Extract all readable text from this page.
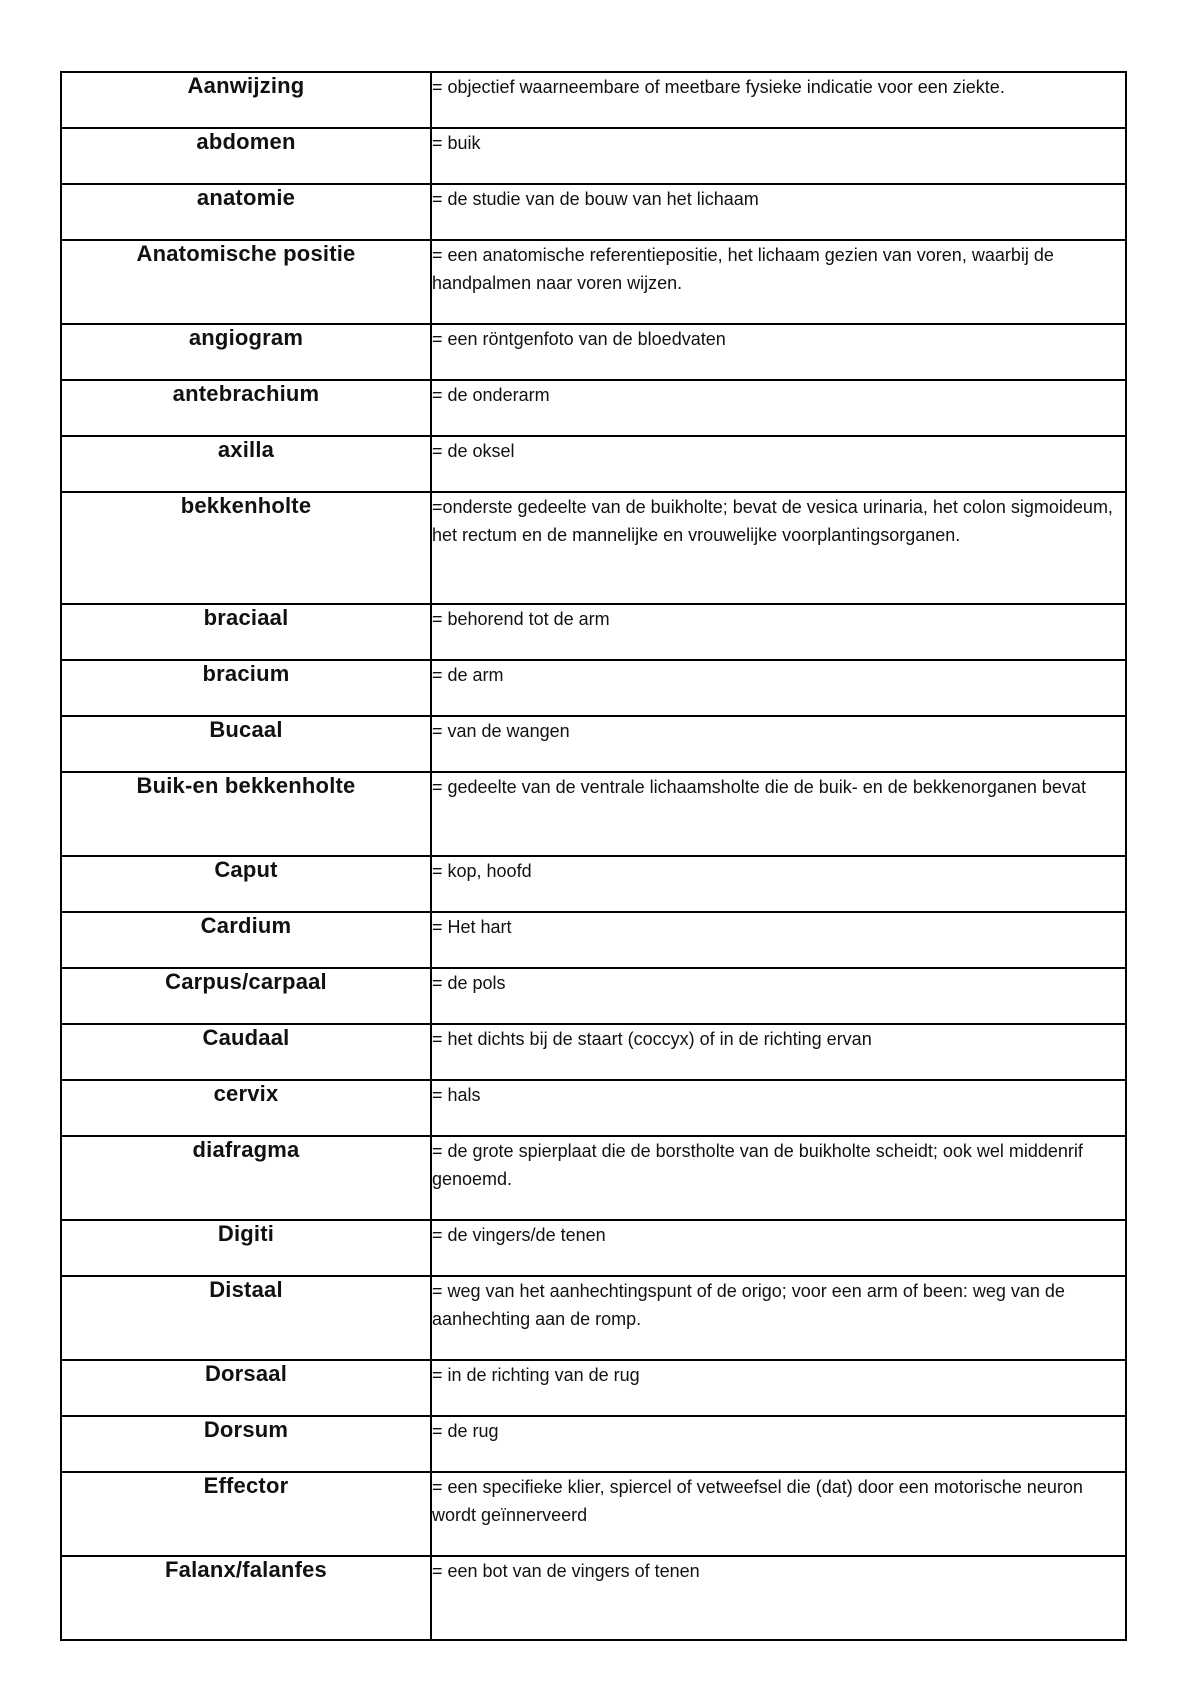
Aanwijzing	= objectief waarneembare of meetbare fysieke indicatie voor een ziekte.
abdomen	= buik
anatomie	= de studie van de bouw van het lichaam
Anatomische positie	= een anatomische referentiepositie, het lichaam gezien van voren, waarbij de handpalmen naar voren wijzen.
angiogram	= een röntgenfoto van de bloedvaten
antebrachium	= de onderarm
axilla	= de oksel
bekkenholte	=onderste gedeelte van de buikholte; bevat de vesica urinaria, het colon sigmoideum, het rectum en de mannelijke en vrouwelijke voorplantingsorganen.
braciaal	= behorend tot de arm
bracium	= de arm
Bucaal	= van de wangen
Buik-en bekkenholte	= gedeelte van de ventrale lichaamsholte die de buik- en de bekkenorganen bevat
Caput	= kop, hoofd
Cardium	= Het hart
Carpus/carpaal	= de pols
Caudaal	= het dichts bij de staart (coccyx) of in de richting ervan
cervix	= hals
diafragma	= de grote spierplaat die de borstholte van de buikholte scheidt; ook wel middenrif genoemd.
Digiti	= de vingers/de tenen
Distaal	= weg van het aanhechtingspunt of de origo; voor een arm of been: weg van de aanhechting aan de romp.
Dorsaal	= in de richting van de rug
Dorsum	= de rug
Effector	= een specifieke klier, spiercel of vetweefsel die (dat) door een motorische neuron wordt geïnnerveerd
Falanx/falanfes	= een bot van de vingers of tenen
